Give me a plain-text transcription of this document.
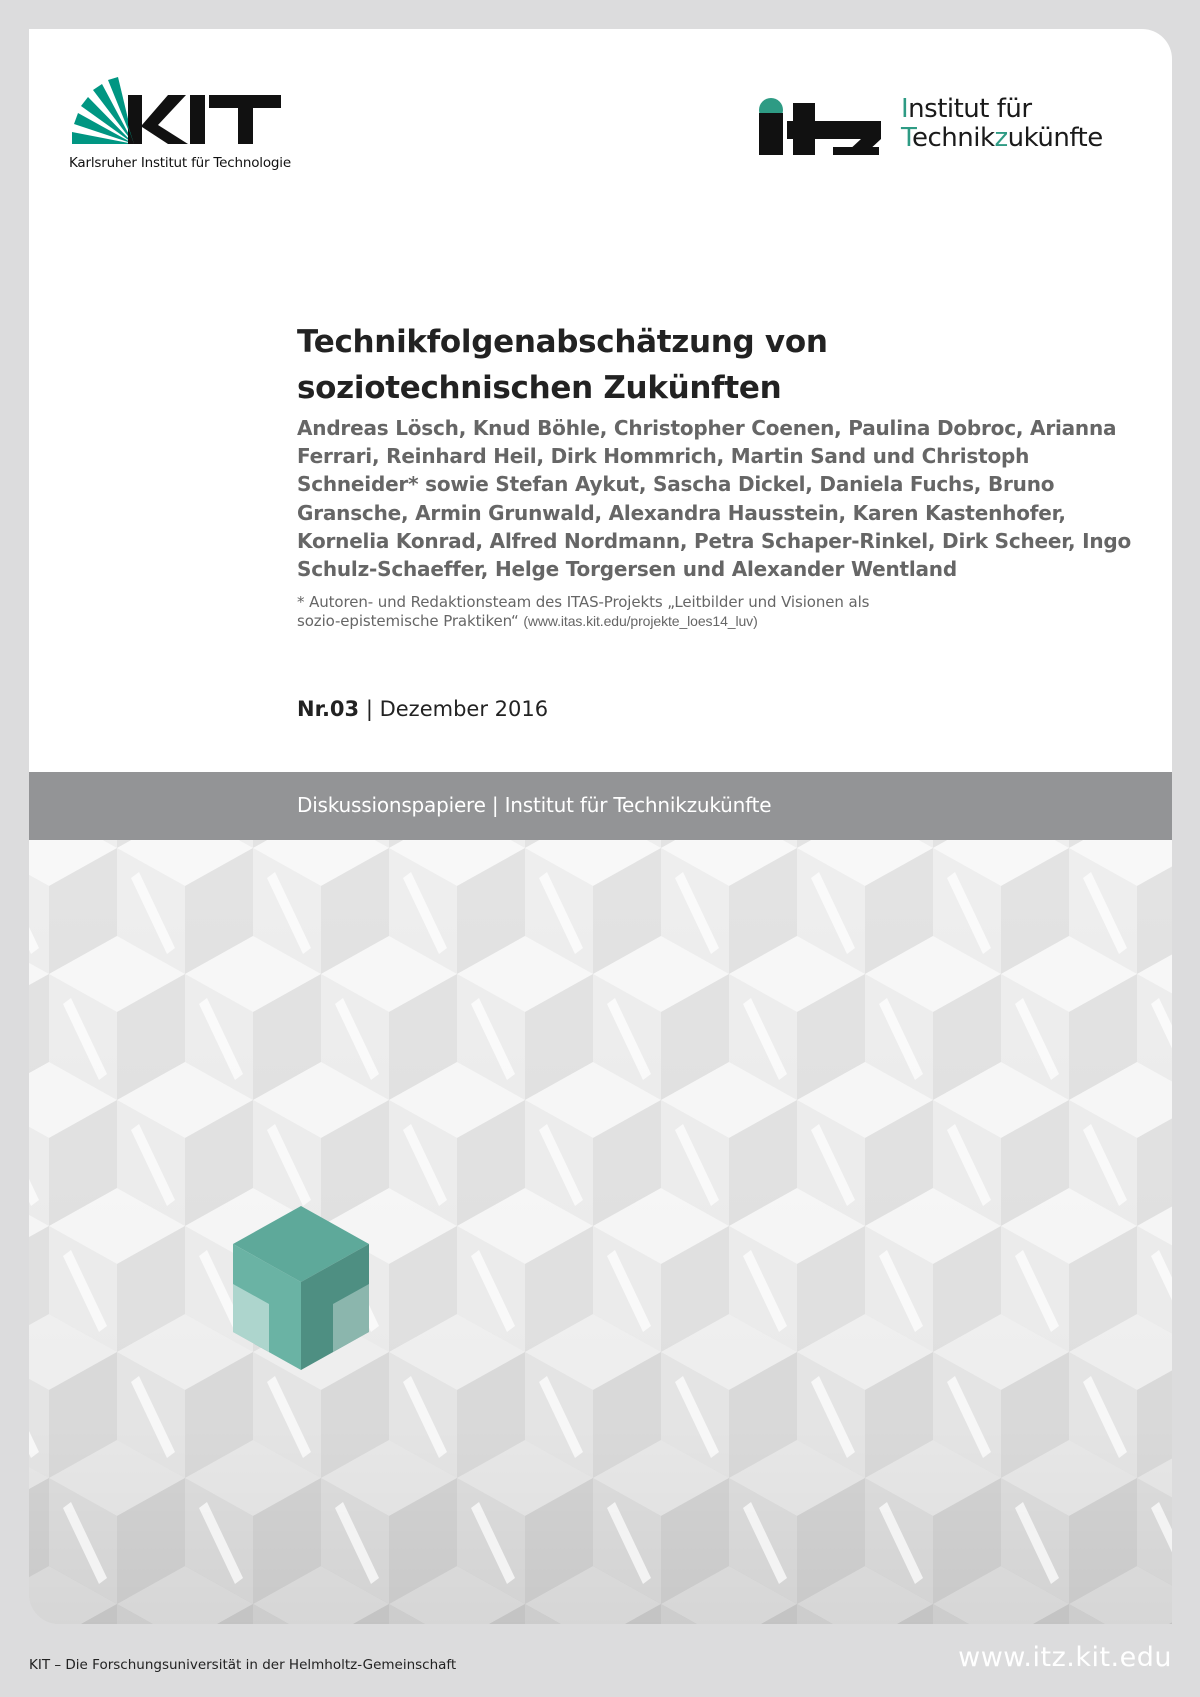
Karlsruher Institut für Technologie
Institut für
Technikzukünfte
Technikfolgenabschätzung von soziotechnischen Zukünften

Andreas Lösch, Knud Böhle, Christopher Coenen, Paulina Dobroc, Arianna Ferrari, Reinhard Heil, Dirk Hommrich, Martin Sand und Christoph Schneider* sowie Stefan Aykut, Sascha Dickel, Daniela Fuchs, Bruno Gransche, Armin Grunwald, Alexandra Hausstein, Karen Kastenhofer, Kornelia Konrad, Alfred Nordmann, Petra Schaper-Rinkel, Dirk Scheer, Ingo Schulz-Schaeffer, Helge Torgersen und Alexander Wentland

* Autoren- und Redaktionsteam des ITAS-Projekts „Leitbilder und Visionen als
sozio-epistemische Praktiken“ (www.itas.kit.edu/projekte_loes14_luv)

Nr.03 | Dezember 2016
Diskussionspapiere | Institut für Technikzukünfte
KIT – Die Forschungsuniversität in der Helmholtz-Gemeinschaft	www.itz.kit.edu
